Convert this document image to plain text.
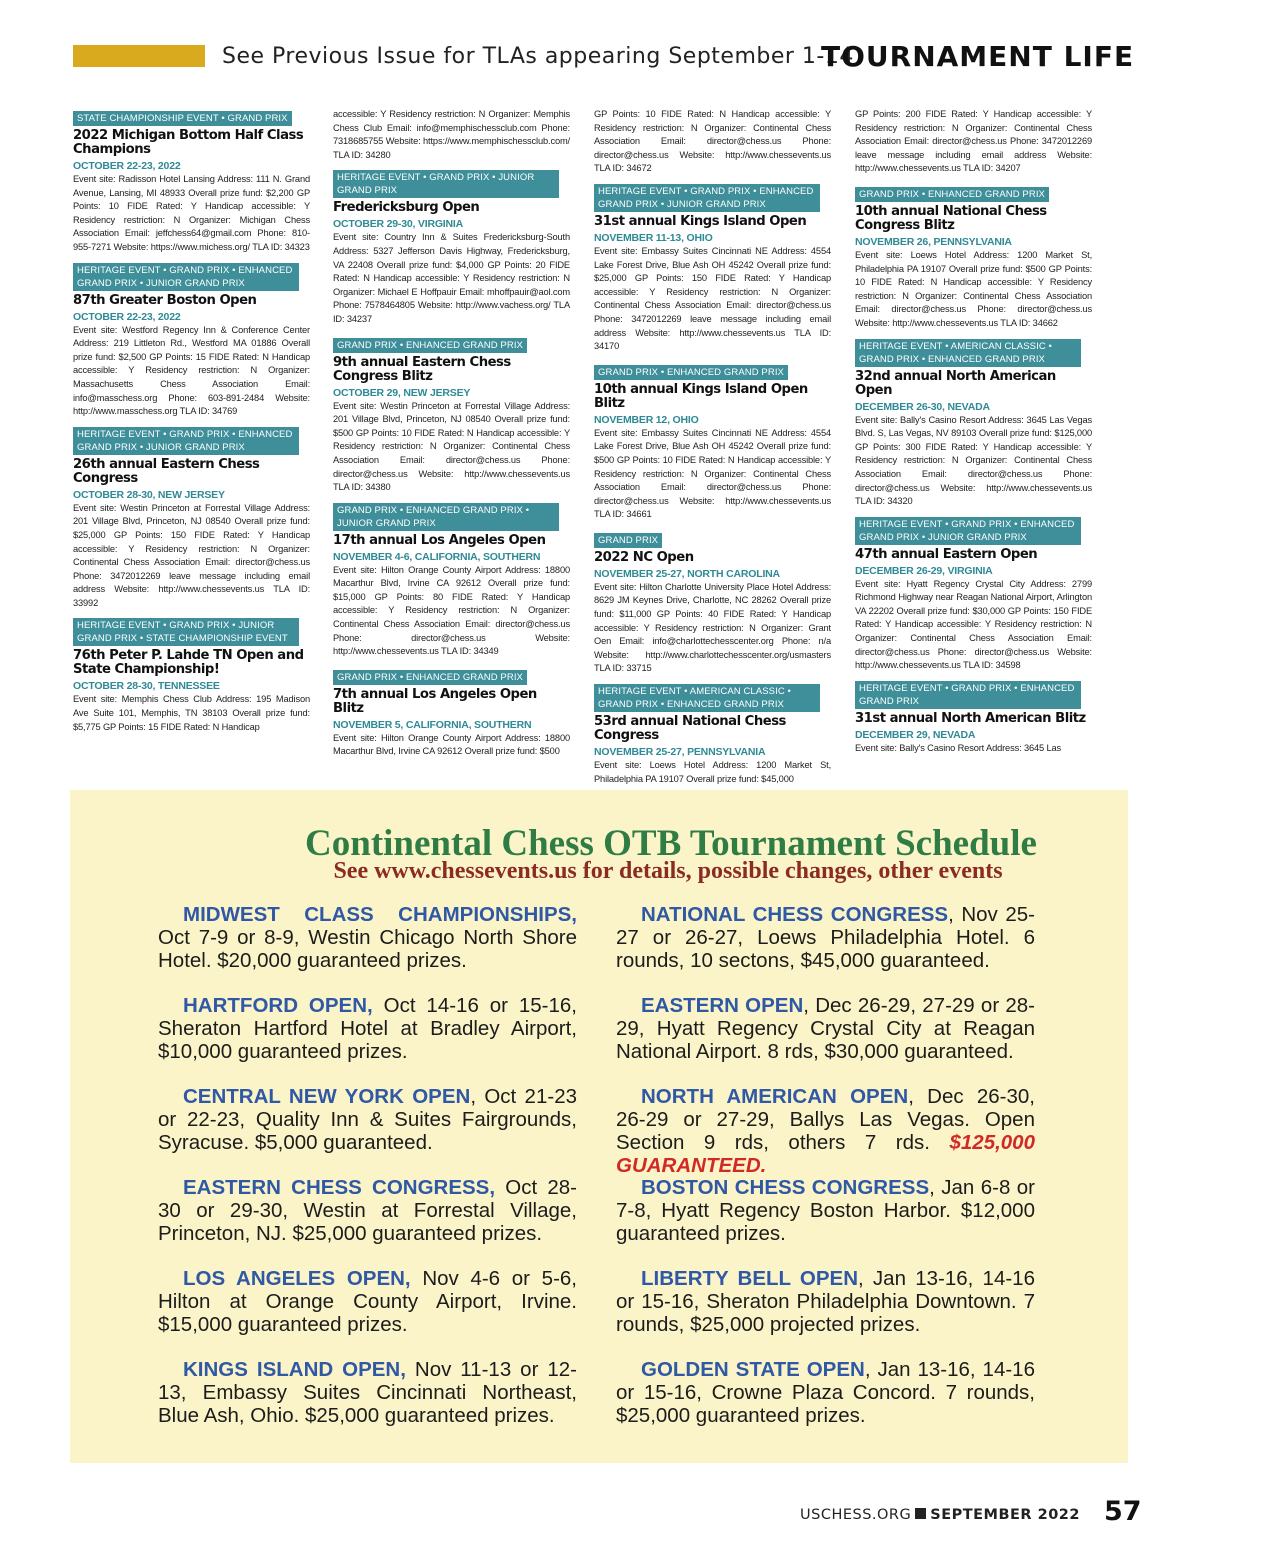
See Previous Issue for TLAs appearing September 1-14
TOURNAMENT LIFE
STATE CHAMPIONSHIP EVENT • GRAND PRIX
2022 Michigan Bottom Half Class Champions
OCTOBER 22-23, 2022
Event site: Radisson Hotel Lansing Address: 111 N. Grand Avenue, Lansing, MI 48933 Overall prize fund: $2,200 GP Points: 10 FIDE Rated: Y Handicap accessible: Y Residency restriction: N Organizer: Michigan Chess Association Email: jeffchess64@gmail.com Phone: 810-955-7271 Website: https://www.michess.org/ TLA ID: 34323
HERITAGE EVENT • GRAND PRIX • ENHANCED GRAND PRIX • JUNIOR GRAND PRIX
87th Greater Boston Open
OCTOBER 22-23, 2022
Event site: Westford Regency Inn & Conference Center Address: 219 Littleton Rd., Westford MA 01886 Overall prize fund: $2,500 GP Points: 15 FIDE Rated: N Handicap accessible: Y Residency restriction: N Organizer: Massachusetts Chess Association Email: info@masschess.org Phone: 603-891-2484 Website: http://www.masschess.org TLA ID: 34769
HERITAGE EVENT • GRAND PRIX • ENHANCED GRAND PRIX • JUNIOR GRAND PRIX
26th annual Eastern Chess Congress
OCTOBER 28-30, NEW JERSEY
Event site: Westin Princeton at Forrestal Village Address: 201 Village Blvd, Princeton, NJ 08540 Overall prize fund: $25,000 GP Points: 150 FIDE Rated: Y Handicap accessible: Y Residency restriction: N Organizer: Continental Chess Association Email: director@chess.us Phone: 3472012269 leave message including email address Website: http://www.chessevents.us TLA ID: 33992
HERITAGE EVENT • GRAND PRIX • JUNIOR GRAND PRIX • STATE CHAMPIONSHIP EVENT
76th Peter P. Lahde TN Open and State Championship!
OCTOBER 28-30, TENNESSEE
Event site: Memphis Chess Club Address: 195 Madison Ave Suite 101, Memphis, TN 38103 Overall prize fund: $5,775 GP Points: 15 FIDE Rated: N Handicap
accessible: Y Residency restriction: N Organizer: Memphis Chess Club Email: info@memphischessclub.com Phone: 7318685755 Website: https://www.memphischessclub.com/ TLA ID: 34280
HERITAGE EVENT • GRAND PRIX • JUNIOR GRAND PRIX
Fredericksburg Open
OCTOBER 29-30, VIRGINIA
Event site: Country Inn & Suites Fredericksburg-South Address: 5327 Jefferson Davis Highway, Fredericksburg, VA 22408 Overall prize fund: $4,000 GP Points: 20 FIDE Rated: N Handicap accessible: Y Residency restriction: N Organizer: Michael E Hoffpauir Email: mhoffpauir@aol.com Phone: 7578464805 Website: http://www.vachess.org/ TLA ID: 34237
GRAND PRIX • ENHANCED GRAND PRIX
9th annual Eastern Chess Congress Blitz
OCTOBER 29, NEW JERSEY
Event site: Westin Princeton at Forrestal Village Address: 201 Village Blvd, Princeton, NJ 08540 Overall prize fund: $500 GP Points: 10 FIDE Rated: N Handicap accessible: Y Residency restriction: N Organizer: Continental Chess Association Email: director@chess.us Phone: director@chess.us Website: http://www.chessevents.us TLA ID: 34380
GRAND PRIX • ENHANCED GRAND PRIX • JUNIOR GRAND PRIX
17th annual Los Angeles Open
NOVEMBER 4-6, CALIFORNIA, SOUTHERN
Event site: Hilton Orange County Airport Address: 18800 Macarthur Blvd, Irvine CA 92612 Overall prize fund: $15,000 GP Points: 80 FIDE Rated: Y Handicap accessible: Y Residency restriction: N Organizer: Continental Chess Association Email: director@chess.us Phone: director@chess.us Website: http://www.chessevents.us TLA ID: 34349
GRAND PRIX • ENHANCED GRAND PRIX
7th annual Los Angeles Open Blitz
NOVEMBER 5, CALIFORNIA, SOUTHERN
Event site: Hilton Orange County Airport Address: 18800 Macarthur Blvd, Irvine CA 92612 Overall prize fund: $500
GP Points: 10 FIDE Rated: N Handicap accessible: Y Residency restriction: N Organizer: Continental Chess Association Email: director@chess.us Phone: director@chess.us Website: http://www.chessevents.us TLA ID: 34672
HERITAGE EVENT • GRAND PRIX • ENHANCED GRAND PRIX • JUNIOR GRAND PRIX
31st annual Kings Island Open
NOVEMBER 11-13, OHIO
Event site: Embassy Suites Cincinnati NE Address: 4554 Lake Forest Drive, Blue Ash OH 45242 Overall prize fund: $25,000 GP Points: 150 FIDE Rated: Y Handicap accessible: Y Residency restriction: N Organizer: Continental Chess Association Email: director@chess.us Phone: 3472012269 leave message including email address Website: http://www.chessevents.us TLA ID: 34170
GRAND PRIX • ENHANCED GRAND PRIX
10th annual Kings Island Open Blitz
NOVEMBER 12, OHIO
Event site: Embassy Suites Cincinnati NE Address: 4554 Lake Forest Drive, Blue Ash OH 45242 Overall prize fund: $500 GP Points: 10 FIDE Rated: N Handicap accessible: Y Residency restriction: N Organizer: Continental Chess Association Email: director@chess.us Phone: director@chess.us Website: http://www.chessevents.us TLA ID: 34661
GRAND PRIX
2022 NC Open
NOVEMBER 25-27, NORTH CAROLINA
Event site: Hilton Charlotte University Place Hotel Address: 8629 JM Keynes Drive, Charlotte, NC 28262 Overall prize fund: $11,000 GP Points: 40 FIDE Rated: Y Handicap accessible: Y Residency restriction: N Organizer: Grant Oen Email: info@charlottechesscenter.org Phone: n/a Website: http://www.charlottechesscenter.org/usmasters TLA ID: 33715
HERITAGE EVENT • AMERICAN CLASSIC • GRAND PRIX • ENHANCED GRAND PRIX
53rd annual National Chess Congress
NOVEMBER 25-27, PENNSYLVANIA
Event site: Loews Hotel Address: 1200 Market St, Philadelphia PA 19107 Overall prize fund: $45,000
GP Points: 200 FIDE Rated: Y Handicap accessible: Y Residency restriction: N Organizer: Continental Chess Association Email: director@chess.us Phone: 3472012269 leave message including email address Website: http://www.chessevents.us TLA ID: 34207
GRAND PRIX • ENHANCED GRAND PRIX
10th annual National Chess Congress Blitz
NOVEMBER 26, PENNSYLVANIA
Event site: Loews Hotel Address: 1200 Market St, Philadelphia PA 19107 Overall prize fund: $500 GP Points: 10 FIDE Rated: N Handicap accessible: Y Residency restriction: N Organizer: Continental Chess Association Email: director@chess.us Phone: director@chess.us Website: http://www.chessevents.us TLA ID: 34662
HERITAGE EVENT • AMERICAN CLASSIC • GRAND PRIX • ENHANCED GRAND PRIX
32nd annual North American Open
DECEMBER 26-30, NEVADA
Event site: Bally's Casino Resort Address: 3645 Las Vegas Blvd. S, Las Vegas, NV 89103 Overall prize fund: $125,000 GP Points: 300 FIDE Rated: Y Handicap accessible: Y Residency restriction: N Organizer: Continental Chess Association Email: director@chess.us Phone: director@chess.us Website: http://www.chessevents.us TLA ID: 34320
HERITAGE EVENT • GRAND PRIX • ENHANCED GRAND PRIX • JUNIOR GRAND PRIX
47th annual Eastern Open
DECEMBER 26-29, VIRGINIA
Event site: Hyatt Regency Crystal City Address: 2799 Richmond Highway near Reagan National Airport, Arlington VA 22202 Overall prize fund: $30,000 GP Points: 150 FIDE Rated: Y Handicap accessible: Y Residency restriction: N Organizer: Continental Chess Association Email: director@chess.us Phone: director@chess.us Website: http://www.chessevents.us TLA ID: 34598
HERITAGE EVENT • GRAND PRIX • ENHANCED GRAND PRIX
31st annual North American Blitz
DECEMBER 29, NEVADA
Event site: Bally's Casino Resort Address: 3645 Las
Continental Chess OTB Tournament Schedule
See www.chessevents.us for details, possible changes, other events

MIDWEST CLASS CHAMPIONSHIPS, Oct 7-9 or 8-9, Westin Chicago North Shore Hotel. $20,000 guaranteed prizes.

HARTFORD OPEN, Oct 14-16 or 15-16, Sheraton Hartford Hotel at Bradley Airport, $10,000 guaranteed prizes.

CENTRAL NEW YORK OPEN, Oct 21-23 or 22-23, Quality Inn & Suites Fairgrounds, Syracuse. $5,000 guaranteed.

EASTERN CHESS CONGRESS, Oct 28-30 or 29-30, Westin at Forrestal Village, Princeton, NJ. $25,000 guaranteed prizes.

LOS ANGELES OPEN, Nov 4-6 or 5-6, Hilton at Orange County Airport, Irvine. $15,000 guaranteed prizes.

KINGS ISLAND OPEN, Nov 11-13 or 12-13, Embassy Suites Cincinnati Northeast, Blue Ash, Ohio. $25,000 guaranteed prizes.

NATIONAL CHESS CONGRESS, Nov 25-27 or 26-27, Loews Philadelphia Hotel. 6 rounds, 10 sectons, $45,000 guaranteed.

EASTERN OPEN, Dec 26-29, 27-29 or 28-29, Hyatt Regency Crystal City at Reagan National Airport. 8 rds, $30,000 guaranteed.

NORTH AMERICAN OPEN, Dec 26-30, 26-29 or 27-29, Ballys Las Vegas. Open Section 9 rds, others 7 rds. $125,000 GUARANTEED.

BOSTON CHESS CONGRESS, Jan 6-8 or 7-8, Hyatt Regency Boston Harbor. $12,000 guaranteed prizes.

LIBERTY BELL OPEN, Jan 13-16, 14-16 or 15-16, Sheraton Philadelphia Downtown. 7 rounds, $25,000 projected prizes.

GOLDEN STATE OPEN, Jan 13-16, 14-16 or 15-16, Crowne Plaza Concord. 7 rounds, $25,000 guaranteed prizes.

USCHESS.ORG SEPTEMBER 2022 57
